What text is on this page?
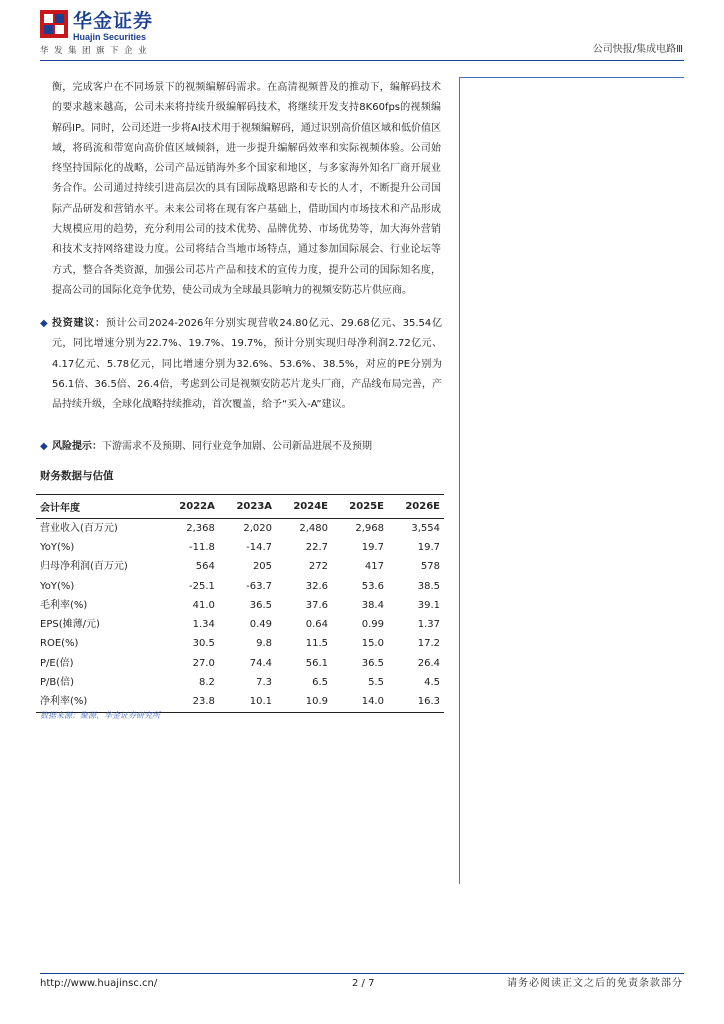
华金证券
Huajin Securities
华发集团旗下企业	公司快报/集成电路Ⅲ

衡，完成客户在不同场景下的视频编解码需求。在高清视频普及的推动下，编解码技术的要求越来越高，公司未来将持续升级编解码技术，将继续开发支持8K60fps的视频编解码IP。同时，公司还进一步将AI技术用于视频编解码，通过识别高价值区域和低价值区域，将码流和带宽向高价值区域倾斜，进一步提升编解码效率和实际视频体验。公司始终坚持国际化的战略，公司产品远销海外多个国家和地区，与多家海外知名厂商开展业务合作。公司通过持续引进高层次的具有国际战略思路和专长的人才，不断提升公司国际产品研发和营销水平。未来公司将在现有客户基础上，借助国内市场技术和产品形成大规模应用的趋势，充分利用公司的技术优势、品牌优势、市场优势等，加大海外营销和技术支持网络建设力度。公司将结合当地市场特点，通过参加国际展会、行业论坛等方式，整合各类资源，加强公司芯片产品和技术的宣传力度，提升公司的国际知名度，提高公司的国际化竞争优势，使公司成为全球最具影响力的视频安防芯片供应商。

◆ 投资建议：预计公司2024-2026年分别实现营收24.80亿元、29.68亿元、35.54亿元，同比增速分别为22.7%、19.7%、19.7%，预计分别实现归母净利润2.72亿元、4.17亿元、5.78亿元，同比增速分别为32.6%、53.6%、38.5%，对应的PE分别为56.1倍、36.5倍、26.4倍，考虑到公司是视频安防芯片龙头厂商，产品线布局完善，产品持续升级，全球化战略持续推动，首次覆盖，给予“买入-A”建议。
◆ 风险提示：下游需求不及预期、同行业竞争加剧、公司新品进展不及预期
财务数据与估值
会计年度	2022A	2023A	2024E	2025E	2026E
营业收入(百万元)	2,368	2,020	2,480	2,968	3,554
YoY(%)	-11.8	-14.7	22.7	19.7	19.7
归母净利润(百万元)	564	205	272	417	578
YoY(%)	-25.1	-63.7	32.6	53.6	38.5
毛利率(%)	41.0	36.5	37.6	38.4	39.1
EPS(摊薄/元)	1.34	0.49	0.64	0.99	1.37
ROE(%)	30.5	9.8	11.5	15.0	17.2
P/E(倍)	27.0	74.4	56.1	36.5	26.4
P/B(倍)	8.2	7.3	6.5	5.5	4.5
净利率(%)	23.8	10.1	10.9	14.0	16.3
数据来源：聚源、华金证券研究所
http://www.huajinsc.cn/	2 / 7	请务必阅读正文之后的免责条款部分
